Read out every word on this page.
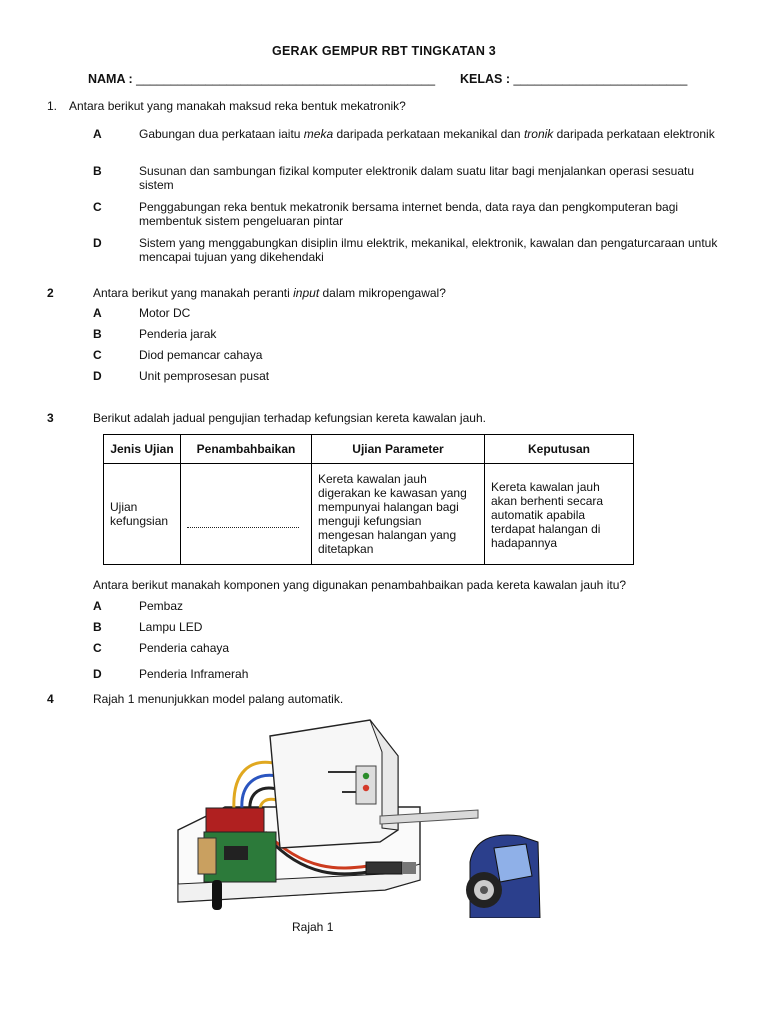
GERAK GEMPUR RBT TINGKATAN 3
NAMA : ___________________________________________ KELAS : _________________________
1. Antara berikut yang manakah maksud reka bentuk mekatronik?
A	Gabungan dua perkataan iaitu meka daripada perkataan mekanikal dan tronik daripada perkataan elektronik
B	Susunan dan sambungan fizikal komputer elektronik dalam suatu litar bagi menjalankan operasi sesuatu sistem
C	Penggabungan reka bentuk mekatronik bersama internet benda, data raya dan pengkomputeran bagi membentuk sistem pengeluaran pintar
D	Sistem yang menggabungkan disiplin ilmu elektrik, mekanikal, elektronik, kawalan dan pengaturcaraan untuk mencapai tujuan yang dikehendaki
2	Antara berikut yang manakah peranti input dalam mikropengawal?
A	Motor DC
B	Penderia jarak
C	Diod pemancar cahaya
D	Unit pemprosesan pusat
3	Berikut adalah jadual pengujian terhadap kefungsian kereta kawalan jauh.
Jenis Ujian	Penambahbaikan	Ujian Parameter	Keputusan
Ujian kefungsian		Kereta kawalan jauh digerakan ke kawasan yang mempunyai halangan bagi menguji kefungsian mengesan halangan yang ditetapkan	Kereta kawalan jauh akan berhenti secara automatik apabila terdapat halangan di hadapannya
Antara berikut manakah komponen yang digunakan penambahbaikan pada kereta kawalan jauh itu?
A	Pembaz
B	Lampu LED
C	Penderia cahaya
D	Penderia Inframerah
4	Rajah 1 menunjukkan model palang automatik.
Rajah 1
